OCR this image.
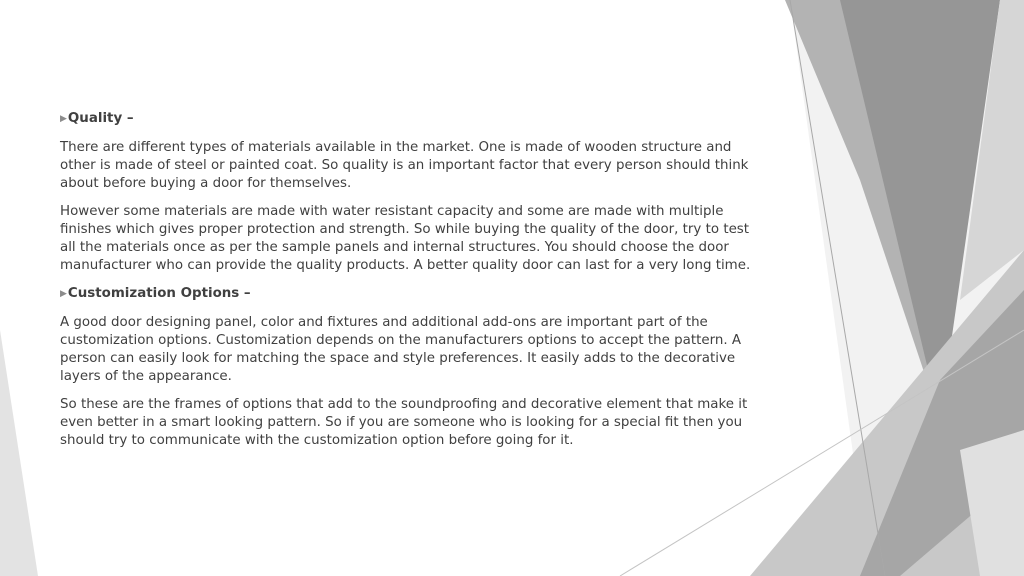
▶Quality –

There are different types of materials available in the market. One is made of wooden structure and other is made of steel or painted coat. So quality is an important factor that every person should think about before buying a door for themselves.

However some materials are made with water resistant capacity and some are made with multiple finishes which gives proper protection and strength. So while buying the quality of the door, try to test all the materials once as per the sample panels and internal structures. You should choose the door manufacturer who can provide the quality products. A better quality door can last for a very long time.

▶Customization Options –

A good door designing panel, color and fixtures and additional add-ons are important part of the customization options. Customization depends on the manufacturers options to accept the pattern. A person can easily look for matching the space and style preferences. It easily adds to the decorative layers of the appearance.

So these are the frames of options that add to the soundproofing and decorative element that make it even better in a smart looking pattern. So if you are someone who is looking for a special fit then you should try to communicate with the customization option before going for it.
